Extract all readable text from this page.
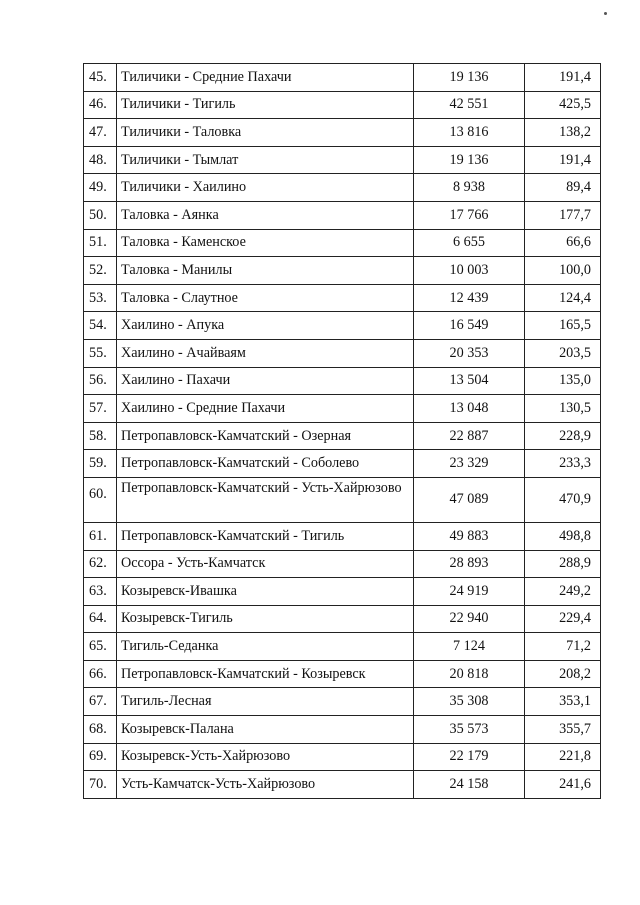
45.	Тиличики - Средние Пахачи	19 136	191,4
46.	Тиличики - Тигиль	42 551	425,5
47.	Тиличики - Таловка	13 816	138,2
48.	Тиличики - Тымлат	19 136	191,4
49.	Тиличики - Хаилино	8 938	89,4
50.	Таловка - Аянка	17 766	177,7
51.	Таловка - Каменское	6 655	66,6
52.	Таловка - Манилы	10 003	100,0
53.	Таловка - Слаутное	12 439	124,4
54.	Хаилино - Апука	16 549	165,5
55.	Хаилино - Ачайваям	20 353	203,5
56.	Хаилино - Пахачи	13 504	135,0
57.	Хаилино - Средние Пахачи	13 048	130,5
58.	Петропавловск-Камчатский - Озерная	22 887	228,9
59.	Петропавловск-Камчатский - Соболево	23 329	233,3
60.	Петропавловск-Камчатский - Усть-Хайрюзово	47 089	470,9
61.	Петропавловск-Камчатский - Тигиль	49 883	498,8
62.	Оссора - Усть-Камчатск	28 893	288,9
63.	Козыревск-Ивашка	24 919	249,2
64.	Козыревск-Тигиль	22 940	229,4
65.	Тигиль-Седанка	7 124	71,2
66.	Петропавловск-Камчатский - Козыревск	20 818	208,2
67.	Тигиль-Лесная	35 308	353,1
68.	Козыревск-Палана	35 573	355,7
69.	Козыревск-Усть-Хайрюзово	22 179	221,8
70.	Усть-Камчатск-Усть-Хайрюзово	24 158	241,6
